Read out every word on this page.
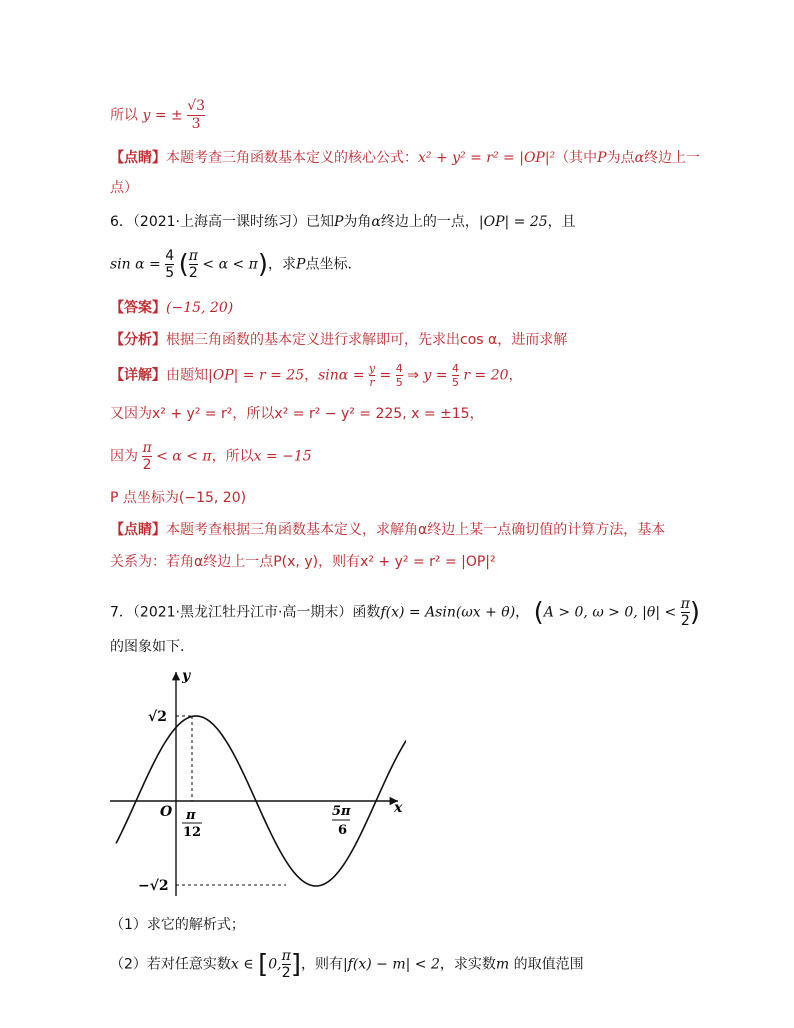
所以 y = ± $\frac{√3}{3}$
【点睛】本题考查三角函数基本定义的核心公式：x² + y² = r² = |OP|²（其中P为点α终边上一
点）
6．（2021·上海高一课时练习）已知P为角α终边上的一点，|OP| = 25，且
$\sin \alpha = \frac{4}{5}$ ( $\frac{\pi}{2} < \alpha < \pi$)，求P点坐标．
【答案】(−15, 20)
【分析】根据三角函数的基本定义进行求解即可，先求出cos α，进而求解
【详解】由题知|OP| = r = 25，$\sin\alpha = \frac{y}{r} = \frac{4}{5}$ ⇒ $y = \frac{4}{5}$ r = 20，
又因为x² + y² = r²，所以x² = r² − y² = 225, x = ±15，
因为 $\frac{\pi}{2} < \alpha < \pi$，所以x = −15
P 点坐标为(−15, 20)
【点睛】本题考查根据三角函数基本定义，求解角α终边上某一点确切值的计算方法，基本
关系为：若角α终边上一点P(x, y)，则有x² + y² = r² = |OP|²
7．（2021·黑龙江牡丹江市·高一期末）函数f(x) = Asin(ωx + θ)， (A > 0, ω > 0, $|\theta| < \frac{\pi}{2}$ )
的图象如下.
y
x
O
√2
−√2
π
12
5π
6
（1）求它的解析式；
（2）若对任意实数x ∈ [0, $\frac{\pi}{2}$ ]，则有|f(x) − m| < 2，求实数m 的取值范围
